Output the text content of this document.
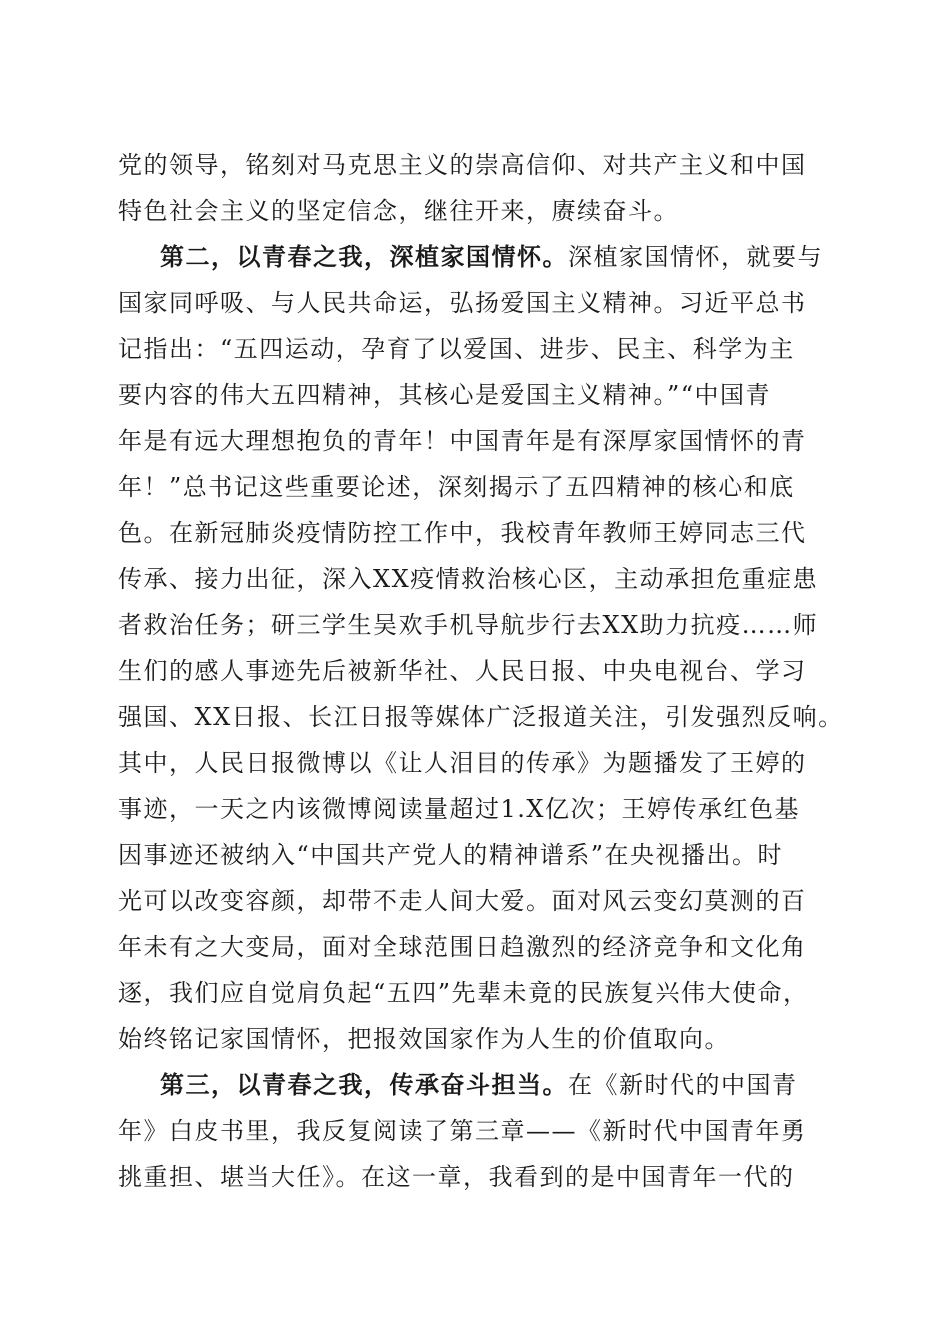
党的领导，铭刻对马克思主义的崇高信仰、对共产主义和中国
特色社会主义的坚定信念，继往开来，赓续奋斗。
第二，以青春之我，深植家国情怀。深植家国情怀，就要与
国家同呼吸、与人民共命运，弘扬爱国主义精神。习近平总书
记指出：“五四运动，孕育了以爱国、进步、民主、科学为主
要内容的伟大五四精神，其核心是爱国主义精神。”“中国青
年是有远大理想抱负的青年！中国青年是有深厚家国情怀的青
年！”总书记这些重要论述，深刻揭示了五四精神的核心和底
色。在新冠肺炎疫情防控工作中，我校青年教师王婷同志三代
传承、接力出征，深入XX疫情救治核心区，主动承担危重症患
者救治任务；研三学生吴欢手机导航步行去XX助力抗疫……师
生们的感人事迹先后被新华社、人民日报、中央电视台、学习
强国、XX日报、长江日报等媒体广泛报道关注，引发强烈反响。
其中，人民日报微博以《让人泪目的传承》为题播发了王婷的
事迹，一天之内该微博阅读量超过1.X亿次；王婷传承红色基
因事迹还被纳入“中国共产党人的精神谱系”在央视播出。时
光可以改变容颜，却带不走人间大爱。面对风云变幻莫测的百
年未有之大变局，面对全球范围日趋激烈的经济竞争和文化角
逐，我们应自觉肩负起“五四”先辈未竟的民族复兴伟大使命，
始终铭记家国情怀，把报效国家作为人生的价值取向。
第三，以青春之我，传承奋斗担当。在《新时代的中国青
年》白皮书里，我反复阅读了第三章——《新时代中国青年勇
挑重担、堪当大任》。在这一章，我看到的是中国青年一代的
